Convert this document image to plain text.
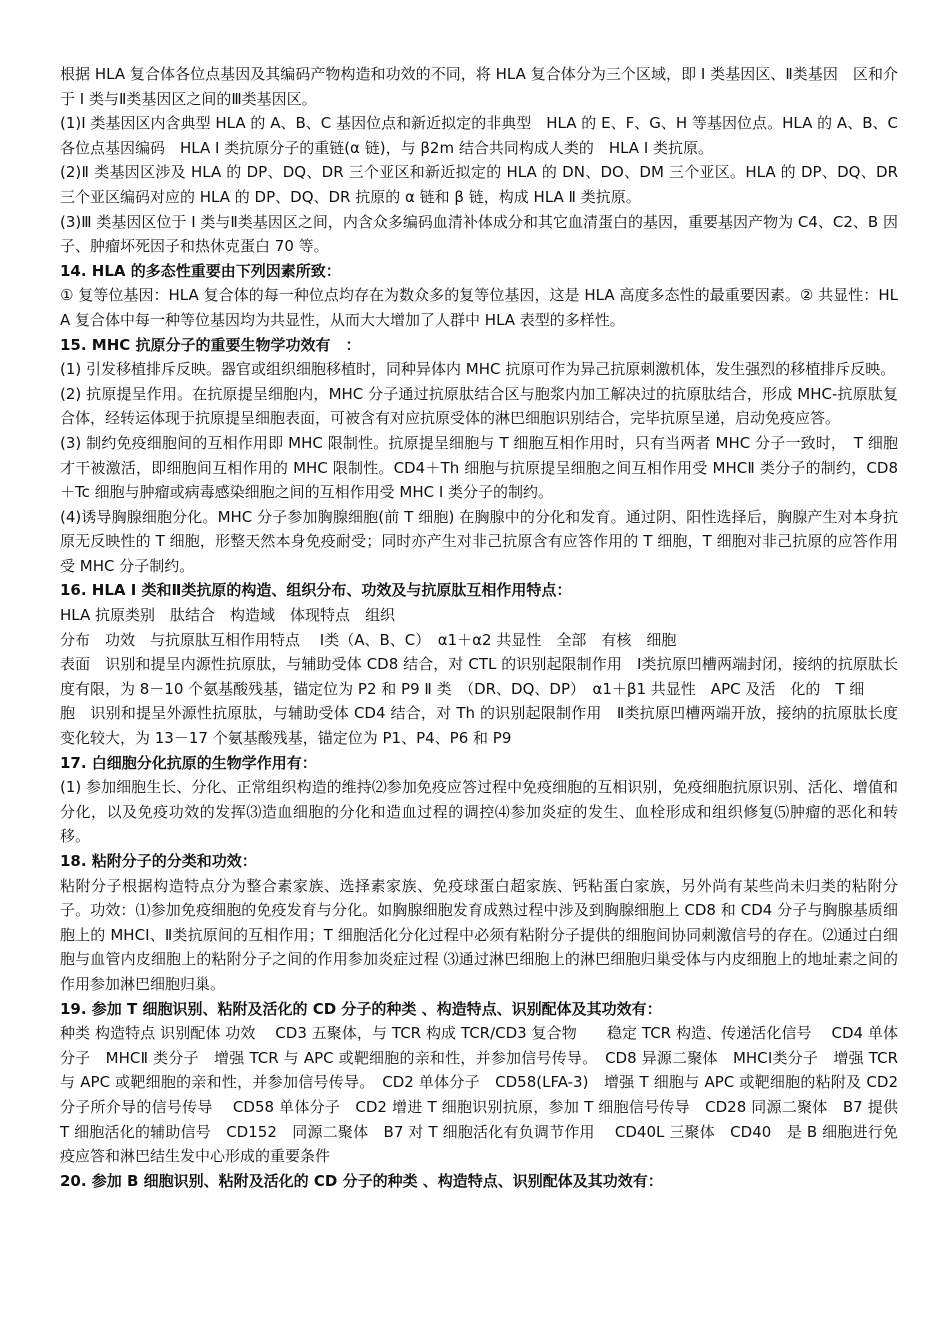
根据 HLA 复合体各位点基因及其编码产物构造和功效的不同，将 HLA 复合体分为三个区域，即 I 类基因区、Ⅱ类基因　区和介于 I 类与Ⅱ类基因区之间的Ⅲ类基因区。

(1)I 类基因区内含典型 HLA 的 A、B、C 基因位点和新近拟定的非典型　HLA 的 E、F、G、H 等基因位点。HLA 的 A、B、C 各位点基因编码　HLA I 类抗原分子的重链(α 链)，与 β2m 结合共同构成人类的　HLA I 类抗原。

(2)Ⅱ 类基因区涉及 HLA 的 DP、DQ、DR 三个亚区和新近拟定的 HLA 的 DN、DO、DM 三个亚区。HLA 的 DP、DQ、DR 三个亚区编码对应的 HLA 的 DP、DQ、DR 抗原的 α 链和 β 链，构成 HLA Ⅱ 类抗原。

(3)Ⅲ 类基因区位于 I 类与Ⅱ类基因区之间，内含众多编码血清补体成分和其它血清蛋白的基因，重要基因产物为 C4、C2、B 因子、肿瘤坏死因子和热休克蛋白 70 等。

14. HLA 的多态性重要由下列因素所致：

① 复等位基因：HLA 复合体的每一种位点均存在为数众多的复等位基因，这是 HLA 高度多态性的最重要因素。② 共显性：HLA 复合体中每一种等位基因均为共显性，从而大大增加了人群中 HLA 表型的多样性。

15. MHC 抗原分子的重要生物学功效有　：

(1) 引发移植排斥反映。器官或组织细胞移植时，同种异体内 MHC 抗原可作为异己抗原刺激机体，发生强烈的移植排斥反映。

(2) 抗原提呈作用。在抗原提呈细胞内，MHC 分子通过抗原肽结合区与胞浆内加工解决过的抗原肽结合，形成 MHC-抗原肽复合体，经转运体现于抗原提呈细胞表面，可被含有对应抗原受体的淋巴细胞识别结合，完毕抗原呈递，启动免疫应答。

(3) 制约免疫细胞间的互相作用即 MHC 限制性。抗原提呈细胞与 T 细胞互相作用时，只有当两者 MHC 分子一致时，　T 细胞才干被激活，即细胞间互相作用的 MHC 限制性。CD4＋Th 细胞与抗原提呈细胞之间互相作用受 MHCⅡ 类分子的制约，CD8＋Tc 细胞与肿瘤或病毒感染细胞之间的互相作用受 MHC I 类分子的制约。

(4)诱导胸腺细胞分化。MHC 分子参加胸腺细胞(前 T 细胞) 在胸腺中的分化和发育。通过阴、阳性选择后，胸腺产生对本身抗原无反映性的 T 细胞，形整天然本身免疫耐受；同时亦产生对非己抗原含有应答作用的 T 细胞，T 细胞对非己抗原的应答作用受 MHC 分子制约。

16. HLA I 类和Ⅱ类抗原的构造、组织分布、功效及与抗原肽互相作用特点：

HLA 抗原类别　肽结合　构造域　体现特点　组织

分布　功效　与抗原肽互相作用特点　 Ⅰ类（A、B、C）　α1＋α2 共显性　全部　有核　细胞

表面　识别和提呈内源性抗原肽，与辅助受体 CD8 结合，对 CTL 的识别起限制作用　Ⅰ类抗原凹槽两端封闭，接纳的抗原肽长度有限，为 8－10 个氨基酸残基，锚定位为 P2 和 P9 Ⅱ 类　（DR、DQ、DP）　α1＋β1 共显性　APC 及活　化的　T 细

胞　识别和提呈外源性抗原肽，与辅助受体 CD4 结合，对 Th 的识别起限制作用　Ⅱ类抗原凹槽两端开放，接纳的抗原肽长度变化较大，为 13－17 个氨基酸残基，锚定位为 P1、P4、P6 和 P9

17. 白细胞分化抗原的生物学作用有：

(1) 参加细胞生长、分化、正常组织构造的维持⑵参加免疫应答过程中免疫细胞的互相识别，免疫细胞抗原识别、活化、增值和分化，以及免疫功效的发挥⑶造血细胞的分化和造血过程的调控⑷参加炎症的发生、血栓形成和组织修复⑸肿瘤的恶化和转移。

18. 粘附分子的分类和功效：

粘附分子根据构造特点分为整合素家族、选择素家族、免疫球蛋白超家族、钙粘蛋白家族，另外尚有某些尚未归类的粘附分子。功效：⑴参加免疫细胞的免疫发育与分化。如胸腺细胞发育成熟过程中涉及到胸腺细胞上 CD8 和 CD4 分子与胸腺基质细胞上的 MHCⅠ、Ⅱ类抗原间的互相作用；T 细胞活化分化过程中必须有粘附分子提供的细胞间协同刺激信号的存在。⑵通过白细胞与血管内皮细胞上的粘附分子之间的作用参加炎症过程 ⑶通过淋巴细胞上的淋巴细胞归巢受体与内皮细胞上的地址素之间的作用参加淋巴细胞归巢。

19. 参加 T 细胞识别、粘附及活化的 CD 分子的种类 、构造特点、识别配体及其功效有：

种类 构造特点 识别配体 功效　 CD3 五聚体，与 TCR 构成 TCR/CD3 复合物　　稳定 TCR 构造、传递活化信号　 CD4 单体分子　MHCⅡ 类分子　增强 TCR 与 APC 或靶细胞的亲和性，并参加信号传导。　CD8 异源二聚体　MHCⅠ类分子　增强 TCR 与 APC 或靶细胞的亲和性，并参加信号传导。　CD2 单体分子　CD58(LFA-3)　增强 T 细胞与 APC 或靶细胞的粘附及 CD2 分子所介导的信号传导　 CD58 单体分子　CD2 增进 T 细胞识别抗原，参加 T 细胞信号传导　CD28 同源二聚体　B7 提供 T 细胞活化的辅助信号　CD152　同源二聚体　B7 对 T 细胞活化有负调节作用　 CD40L 三聚体　CD40　是 B 细胞进行免疫应答和淋巴结生发中心形成的重要条件

20. 参加 B 细胞识别、粘附及活化的 CD 分子的种类 、构造特点、识别配体及其功效有：
